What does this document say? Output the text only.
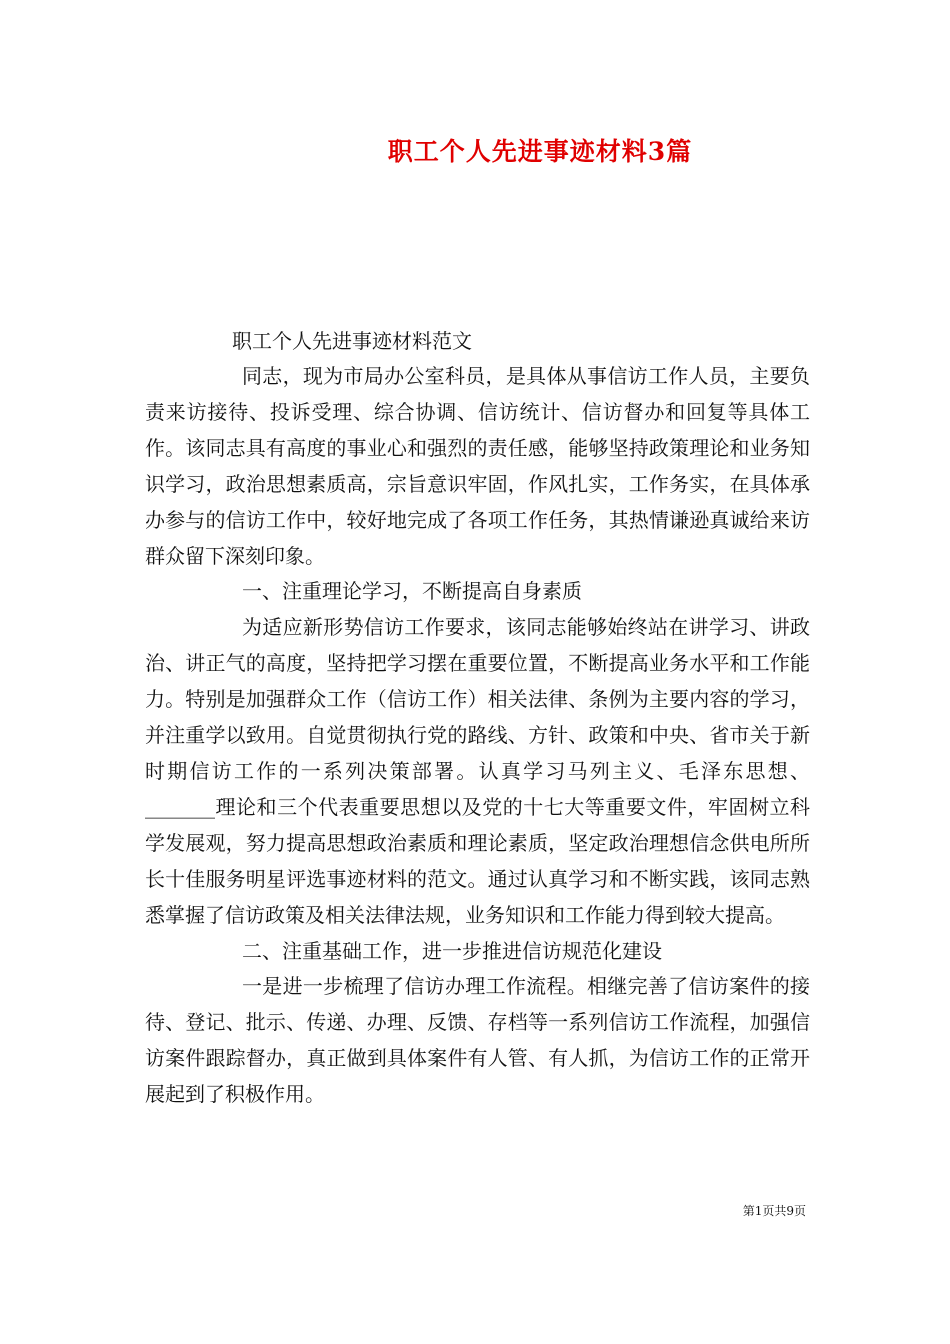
职工个人先进事迹材料3篇
职工个人先进事迹材料范文

同志，现为市局办公室科员，是具体从事信访工作人员，主要负责来访接待、投诉受理、综合协调、信访统计、信访督办和回复等具体工作。该同志具有高度的事业心和强烈的责任感，能够坚持政策理论和业务知识学习，政治思想素质高，宗旨意识牢固，作风扎实，工作务实，在具体承办参与的信访工作中，较好地完成了各项工作任务，其热情谦逊真诚给来访群众留下深刻印象。

一、注重理论学习，不断提高自身素质

为适应新形势信访工作要求，该同志能够始终站在讲学习、讲政治、讲正气的高度，坚持把学习摆在重要位置，不断提高业务水平和工作能力。特别是加强群众工作（信访工作）相关法律、条例为主要内容的学习，并注重学以致用。自觉贯彻执行党的路线、方针、政策和中央、省市关于新时期信访工作的一系列决策部署。认真学习马列主义、毛泽东思想、_______理论和三个代表重要思想以及党的十七大等重要文件，牢固树立科学发展观，努力提高思想政治素质和理论素质，坚定政治理想信念供电所所长十佳服务明星评选事迹材料的范文。通过认真学习和不断实践，该同志熟悉掌握了信访政策及相关法律法规，业务知识和工作能力得到较大提高。

二、注重基础工作，进一步推进信访规范化建设

一是进一步梳理了信访办理工作流程。相继完善了信访案件的接待、登记、批示、传递、办理、反馈、存档等一系列信访工作流程，加强信访案件跟踪督办，真正做到具体案件有人管、有人抓，为信访工作的正常开展起到了积极作用。

第1页共9页
